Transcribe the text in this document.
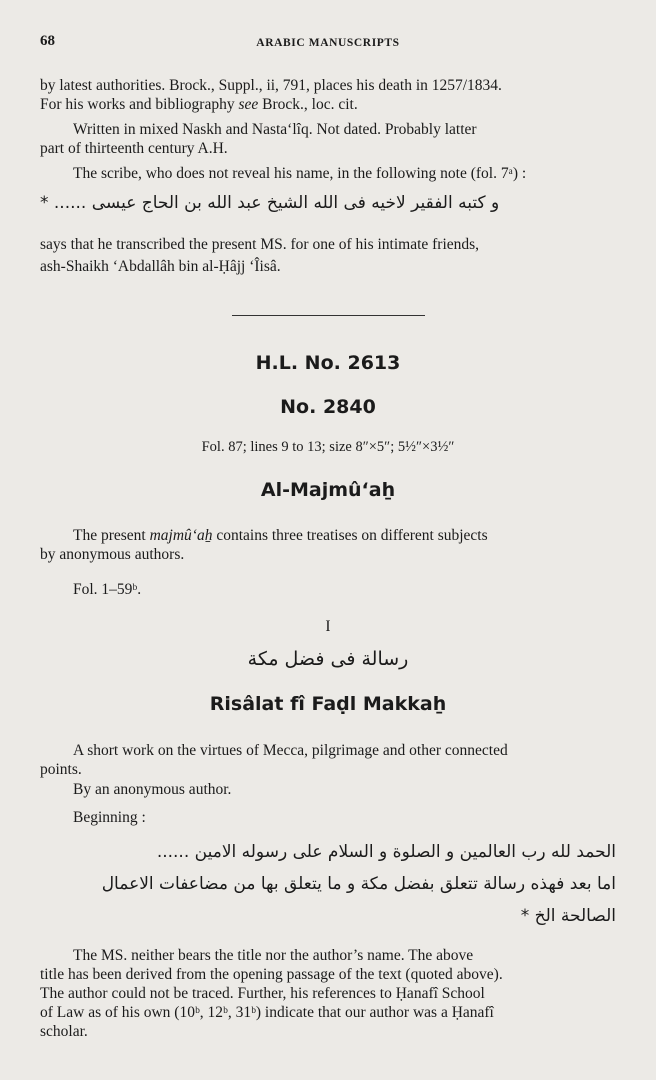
68	ARABIC MANUSCRIPTS
by latest authorities. Brock., Suppl., ii, 791, places his death in 1257/1834.
For his works and bibliography see Brock., loc. cit.
Written in mixed Naskh and Nasta‘lîq. Not dated. Probably latter
part of thirteenth century A.H.
The scribe, who does not reveal his name, in the following note (fol. 7ᵃ) :
و كتبه الفقير لاخيه فى الله الشيخ عبد الله بن الحاج عيسى ...... *
says that he transcribed the present MS. for one of his intimate friends,
ash-Shaikh ‘Abdallâh bin al-Ḥâjj ‘Îisâ.
H.L. No. 2613
No. 2840
Fol. 87; lines 9 to 13; size 8″×5″; 5½″×3½″
Al-Majmû‘aẖ
The present majmû‘aẖ contains three treatises on different subjects
by anonymous authors.
Fol. 1–59ᵇ.
I
رسالة فى فضل مكة
Risâlat fî Faḍl Makkaẖ
A short work on the virtues of Mecca, pilgrimage and other connected
points.
By an anonymous author.
Beginning :
الحمد لله رب العالمين و الصلوة و السلام على رسوله الامين ......
اما بعد فهذه رسالة تتعلق بفضل مكة و ما يتعلق بها من مضاعفات الاعمال
الصالحة الخ *
The MS. neither bears the title nor the author’s name. The above
title has been derived from the opening passage of the text (quoted above).
The author could not be traced. Further, his references to Ḥanafî School
of Law as of his own (10ᵇ, 12ᵇ, 31ᵇ) indicate that our author was a Ḥanafî
scholar.
